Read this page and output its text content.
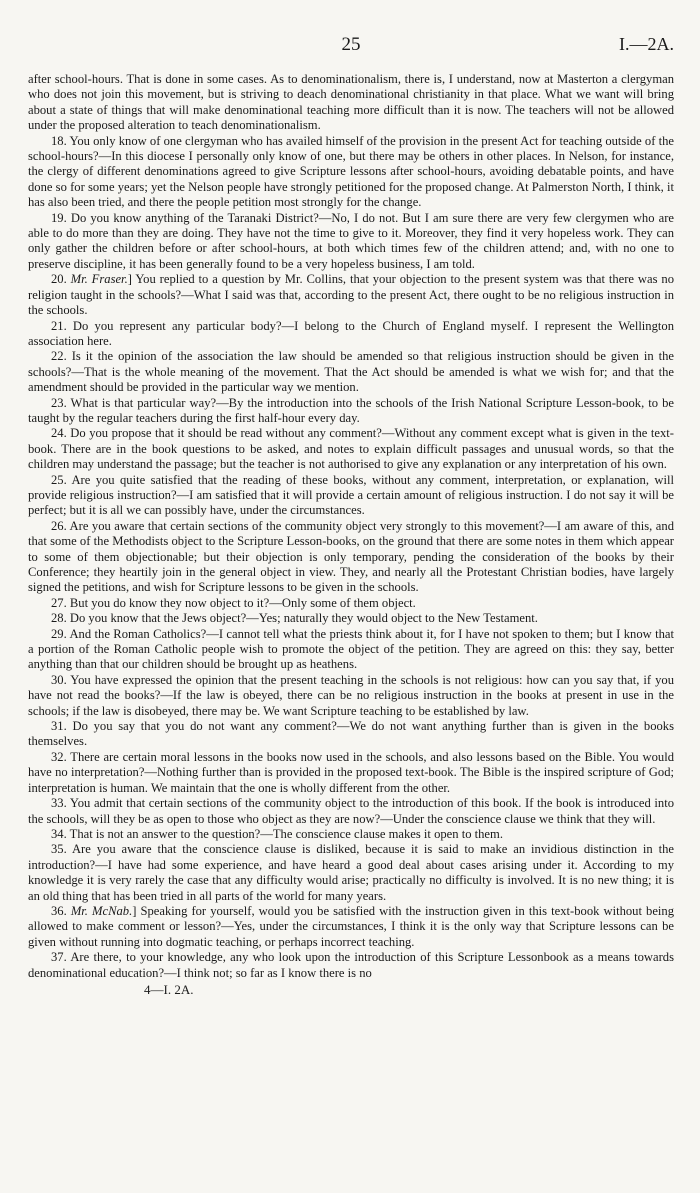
25	I.—2A.

after school-hours. That is done in some cases. As to denominationalism, there is, I understand, now at Masterton a clergyman who does not join this movement, but is striving to deach denominational christianity in that place. What we want will bring about a state of things that will make denominational teaching more difficult than it is now. The teachers will not be allowed under the proposed alteration to teach denominationalism.

18. You only know of one clergyman who has availed himself of the provision in the present Act for teaching outside of the school-hours?—In this diocese I personally only know of one, but there may be others in other places. In Nelson, for instance, the clergy of different denominations agreed to give Scripture lessons after school-hours, avoiding debatable points, and have done so for some years; yet the Nelson people have strongly petitioned for the proposed change. At Palmerston North, I think, it has also been tried, and there the people petition most strongly for the change.

19. Do you know anything of the Taranaki District?—No, I do not. But I am sure there are very few clergymen who are able to do more than they are doing. They have not the time to give to it. Moreover, they find it very hopeless work. They can only gather the children before or after school-hours, at both which times few of the children attend; and, with no one to preserve discipline, it has been generally found to be a very hopeless business, I am told.

20. Mr. Fraser.] You replied to a question by Mr. Collins, that your objection to the present system was that there was no religion taught in the schools?—What I said was that, according to the present Act, there ought to be no religious instruction in the schools.

21. Do you represent any particular body?—I belong to the Church of England myself. I represent the Wellington association here.

22. Is it the opinion of the association the law should be amended so that religious instruction should be given in the schools?—That is the whole meaning of the movement. That the Act should be amended is what we wish for; and that the amendment should be provided in the particular way we mention.

23. What is that particular way?—By the introduction into the schools of the Irish National Scripture Lesson-book, to be taught by the regular teachers during the first half-hour every day.

24. Do you propose that it should be read without any comment?—Without any comment except what is given in the text-book. There are in the book questions to be asked, and notes to explain difficult passages and unusual words, so that the children may understand the passage; but the teacher is not authorised to give any explanation or any interpretation of his own.

25. Are you quite satisfied that the reading of these books, without any comment, interpretation, or explanation, will provide religious instruction?—I am satisfied that it will provide a certain amount of religious instruction. I do not say it will be perfect; but it is all we can possibly have, under the circumstances.

26. Are you aware that certain sections of the community object very strongly to this movement?—I am aware of this, and that some of the Methodists object to the Scripture Lesson-books, on the ground that there are some notes in them which appear to some of them objectionable; but their objection is only temporary, pending the consideration of the books by their Conference; they heartily join in the general object in view. They, and nearly all the Protestant Christian bodies, have largely signed the petitions, and wish for Scripture lessons to be given in the schools.

27. But you do know they now object to it?—Only some of them object.

28. Do you know that the Jews object?—Yes; naturally they would object to the New Testament.

29. And the Roman Catholics?—I cannot tell what the priests think about it, for I have not spoken to them; but I know that a portion of the Roman Catholic people wish to promote the object of the petition. They are agreed on this: they say, better anything than that our children should be brought up as heathens.

30. You have expressed the opinion that the present teaching in the schools is not religious: how can you say that, if you have not read the books?—If the law is obeyed, there can be no religious instruction in the books at present in use in the schools; if the law is disobeyed, there may be. We want Scripture teaching to be established by law.

31. Do you say that you do not want any comment?—We do not want anything further than is given in the books themselves.

32. There are certain moral lessons in the books now used in the schools, and also lessons based on the Bible. You would have no interpretation?—Nothing further than is provided in the proposed text-book. The Bible is the inspired scripture of God; interpretation is human. We maintain that the one is wholly different from the other.

33. You admit that certain sections of the community object to the introduction of this book. If the book is introduced into the schools, will they be as open to those who object as they are now?—Under the conscience clause we think that they will.

34. That is not an answer to the question?—The conscience clause makes it open to them.

35. Are you aware that the conscience clause is disliked, because it is said to make an invidious distinction in the introduction?—I have had some experience, and have heard a good deal about cases arising under it. According to my knowledge it is very rarely the case that any difficulty would arise; practically no difficulty is involved. It is no new thing; it is an old thing that has been tried in all parts of the world for many years.

36. Mr. McNab.] Speaking for yourself, would you be satisfied with the instruction given in this text-book without being allowed to make comment or lesson?—Yes, under the circumstances, I think it is the only way that Scripture lessons can be given without running into dogmatic teaching, or perhaps incorrect teaching.

37. Are there, to your knowledge, any who look upon the introduction of this Scripture Lessonbook as a means towards denominational education?—I think not; so far as I know there is no

4—I. 2A.
